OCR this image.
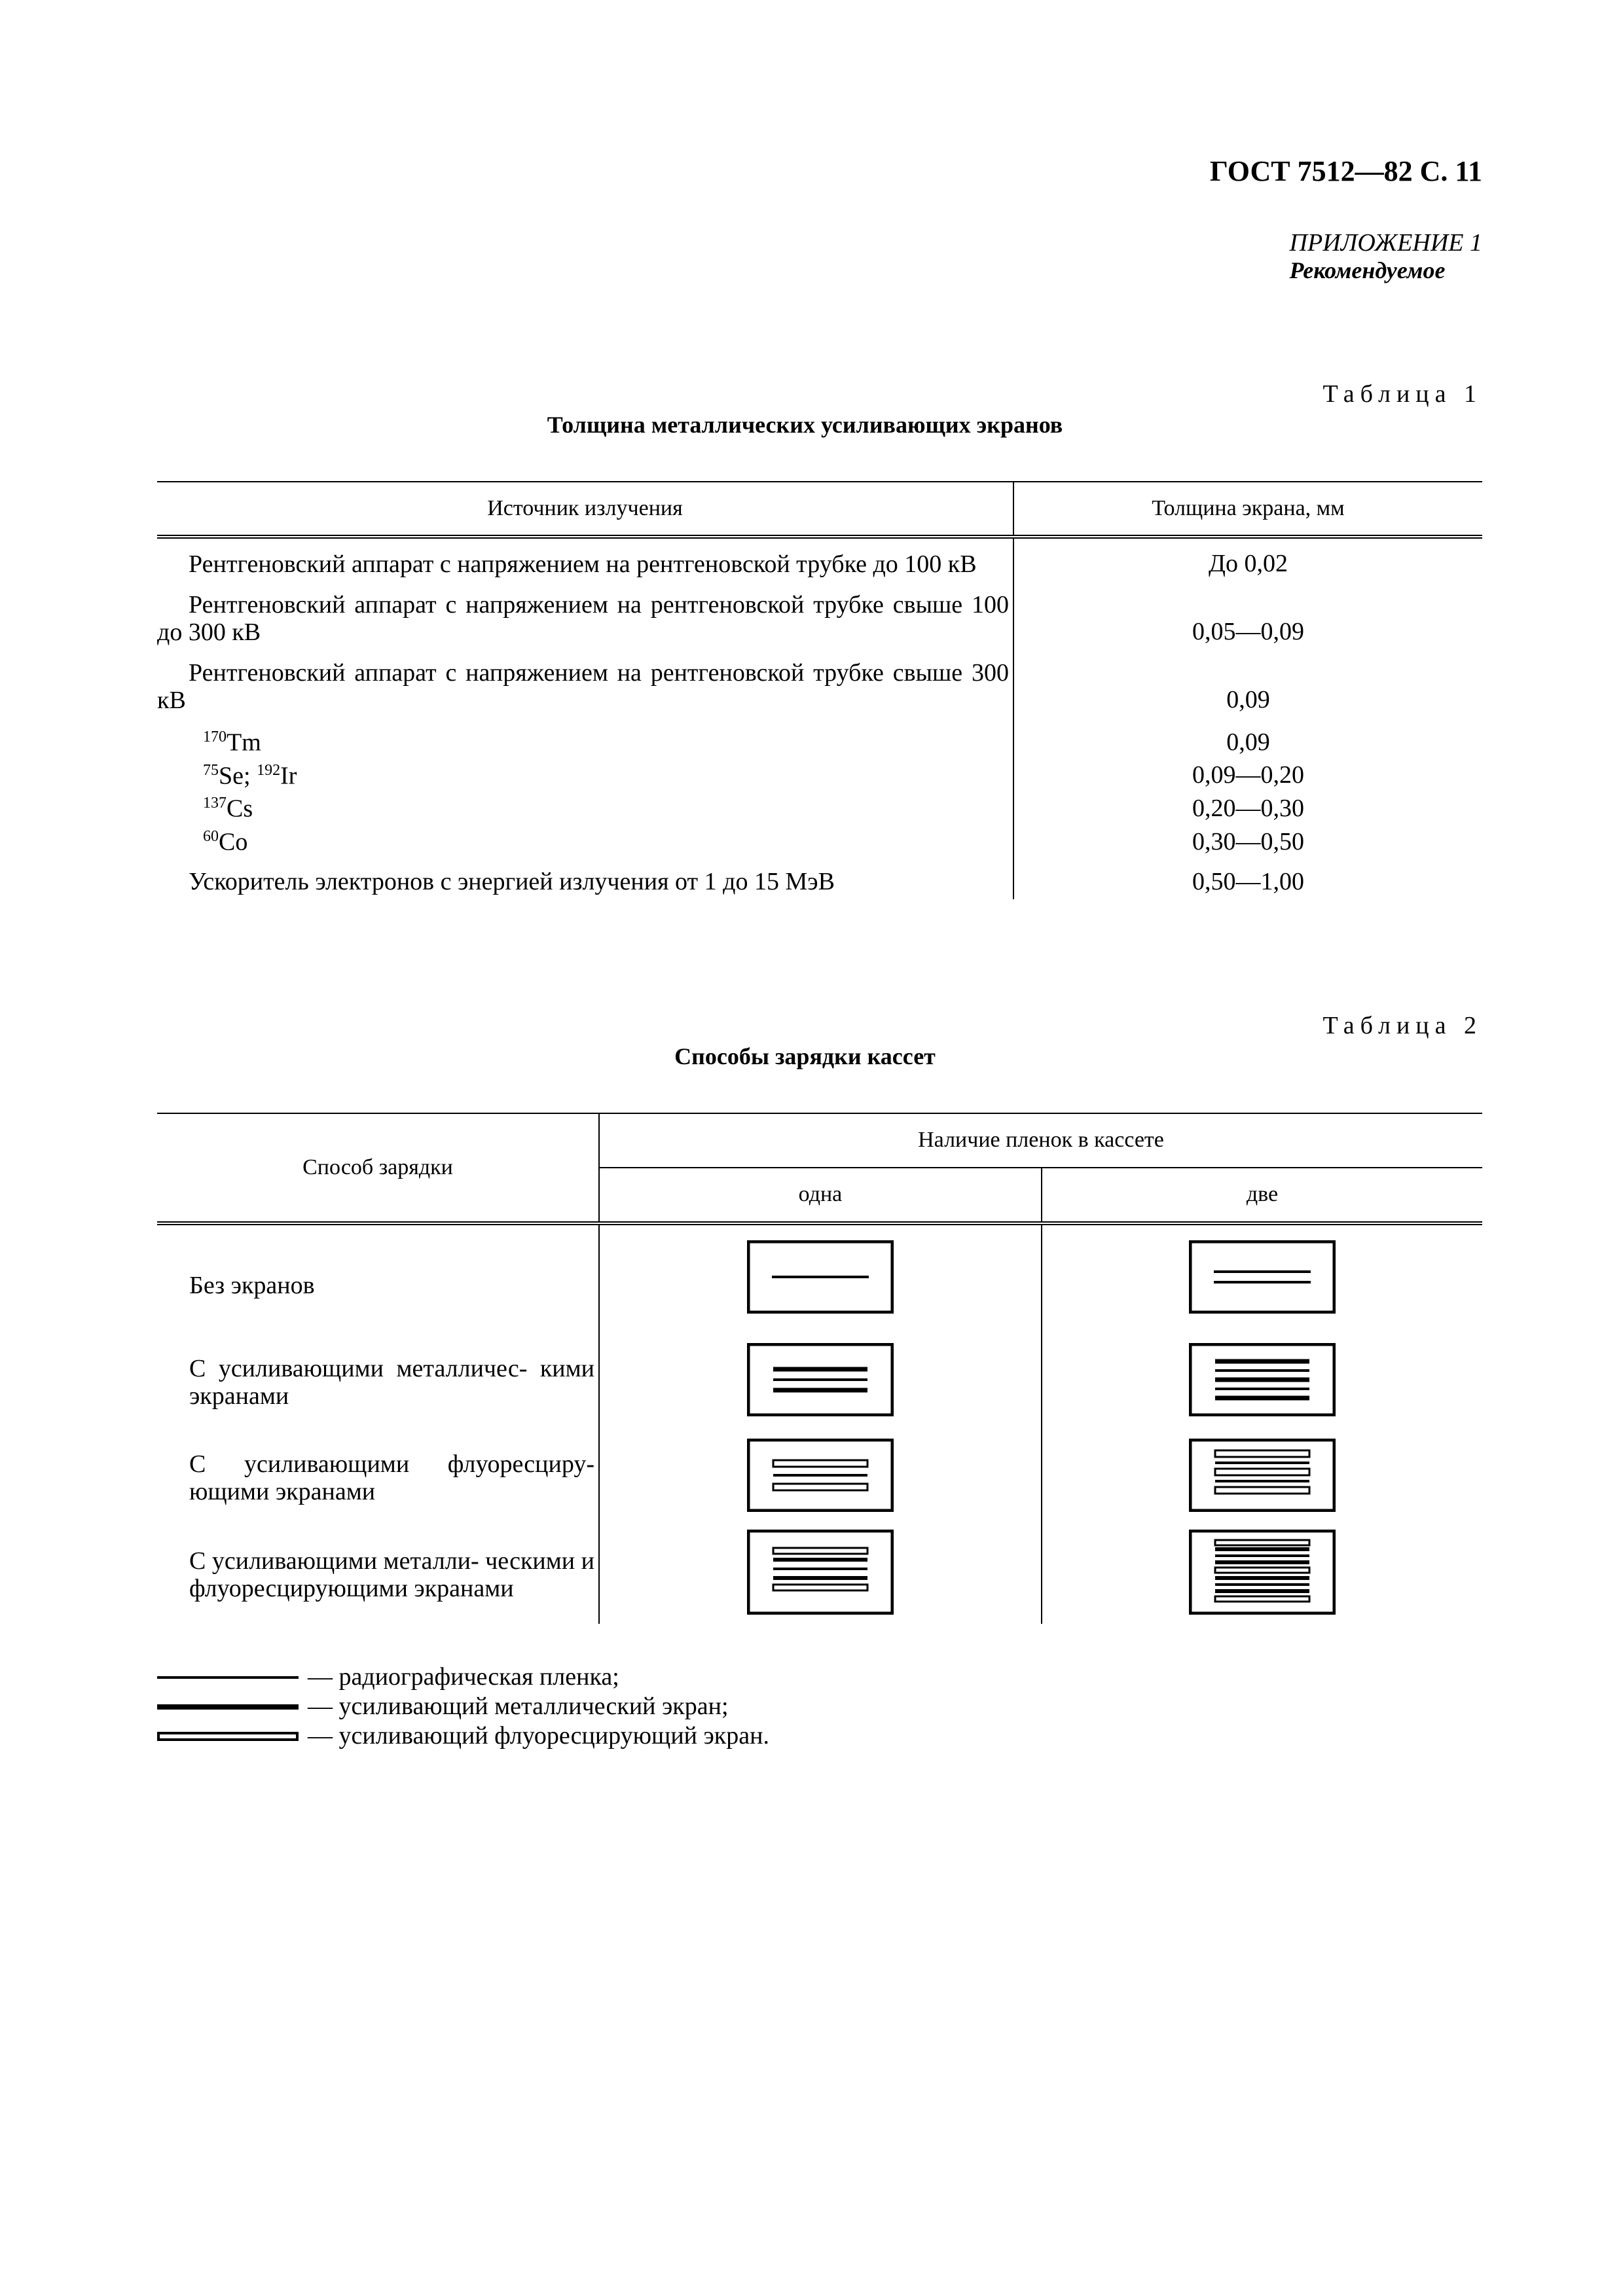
ГОСТ 7512—82 С. 11
ПРИЛОЖЕНИЕ 1
Рекомендуемое
Таблица 1
Толщина металлических усиливающих экранов
Источник излучения	Толщина экрана, мм
Рентгеновский аппарат с напряжением на рентгеновской трубке до 100 кВ	До 0,02
Рентгеновский аппарат с напряжением на рентгеновской трубке свыше 100 до 300 кВ	0,05—0,09
Рентгеновский аппарат с напряжением на рентгеновской трубке свыше 300 кВ	0,09
$^{170}$Tm	0,09
$^{75}$Se; $^{192}$Ir	0,09—0,20
$^{137}$Cs	0,20—0,30
$^{60}$Co	0,30—0,50
Ускоритель электронов с энергией излучения от 1 до 15 МэВ	0,50—1,00
Таблица 2
Способы зарядки кассет
Способ зарядки	Наличие пленок в кассете	
	одна	две
Без экранов		
С усиливающими металличес- кими экранами		
С усиливающими флуоресциру- ющими экранами		
С усиливающими металли- ческими и флуоресцирующими экранами		
— радиографическая пленка;
— усиливающий металлический экран;
— усиливающий флуоресцирующий экран.
